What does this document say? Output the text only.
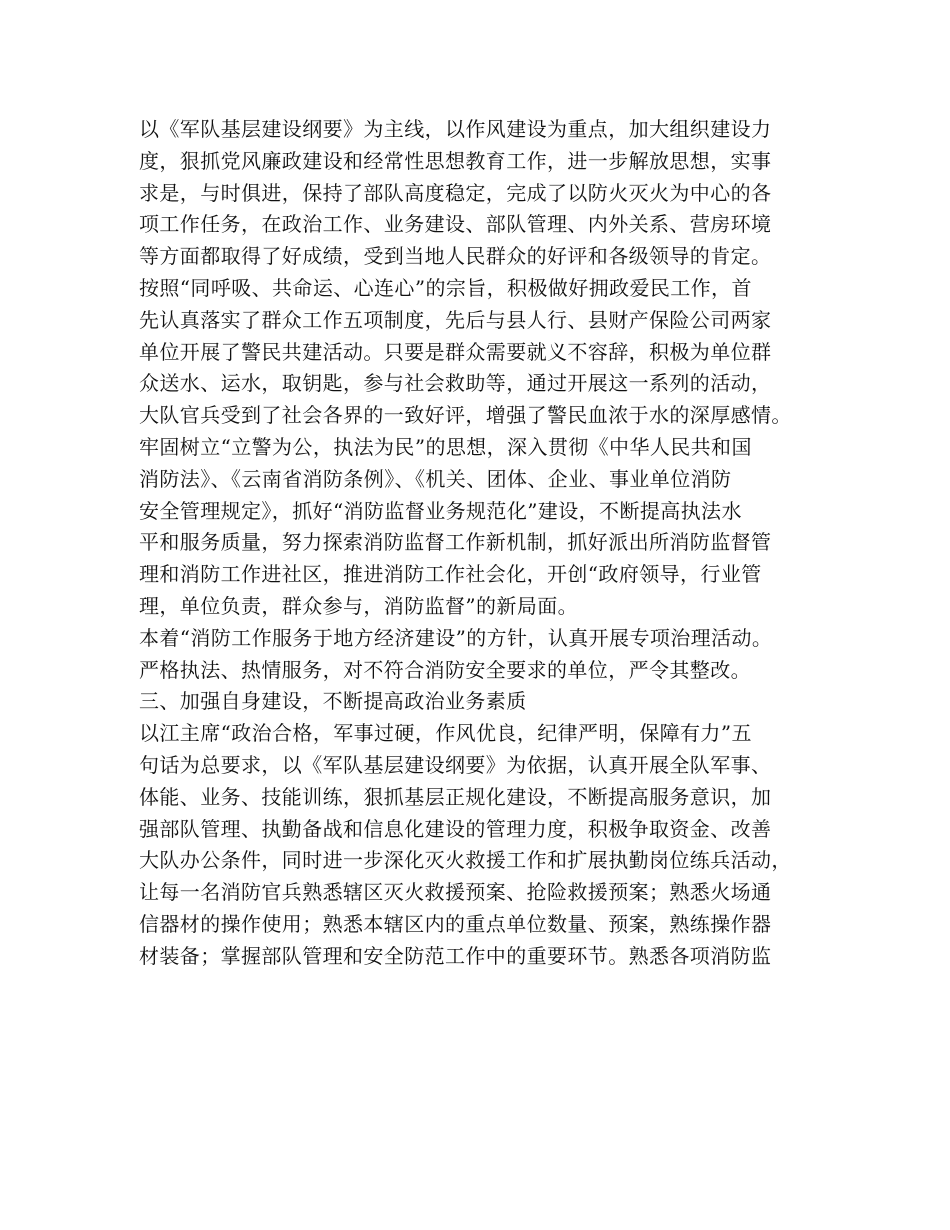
以《军队基层建设纲要》为主线，以作风建设为重点，加大组织建设力
度，狠抓党风廉政建设和经常性思想教育工作，进一步解放思想，实事
求是，与时俱进，保持了部队高度稳定，完成了以防火灭火为中心的各
项工作任务，在政治工作、业务建设、部队管理、内外关系、营房环境
等方面都取得了好成绩，受到当地人民群众的好评和各级领导的肯定。
按照“同呼吸、共命运、心连心”的宗旨，积极做好拥政爱民工作，首
先认真落实了群众工作五项制度，先后与县人行、县财产保险公司两家
单位开展了警民共建活动。只要是群众需要就义不容辞，积极为单位群
众送水、运水，取钥匙，参与社会救助等，通过开展这一系列的活动，
大队官兵受到了社会各界的一致好评，增强了警民血浓于水的深厚感情。
牢固树立“立警为公，执法为民”的思想，深入贯彻《中华人民共和国
消防法》、《云南省消防条例》、《机关、团体、企业、事业单位消防
安全管理规定》，抓好“消防监督业务规范化”建设，不断提高执法水
平和服务质量，努力探索消防监督工作新机制，抓好派出所消防监督管
理和消防工作进社区，推进消防工作社会化，开创“政府领导，行业管
理，单位负责，群众参与，消防监督”的新局面。
本着“消防工作服务于地方经济建设”的方针，认真开展专项治理活动。
严格执法、热情服务，对不符合消防安全要求的单位，严令其整改。
三、加强自身建设，不断提高政治业务素质
以江主席“政治合格，军事过硬，作风优良，纪律严明，保障有力”五
句话为总要求，以《军队基层建设纲要》为依据，认真开展全队军事、
体能、业务、技能训练，狠抓基层正规化建设，不断提高服务意识，加
强部队管理、执勤备战和信息化建设的管理力度，积极争取资金、改善
大队办公条件，同时进一步深化灭火救援工作和扩展执勤岗位练兵活动，
让每一名消防官兵熟悉辖区灭火救援预案、抢险救援预案；熟悉火场通
信器材的操作使用；熟悉本辖区内的重点单位数量、预案，熟练操作器
材装备；掌握部队管理和安全防范工作中的重要环节。熟悉各项消防监
